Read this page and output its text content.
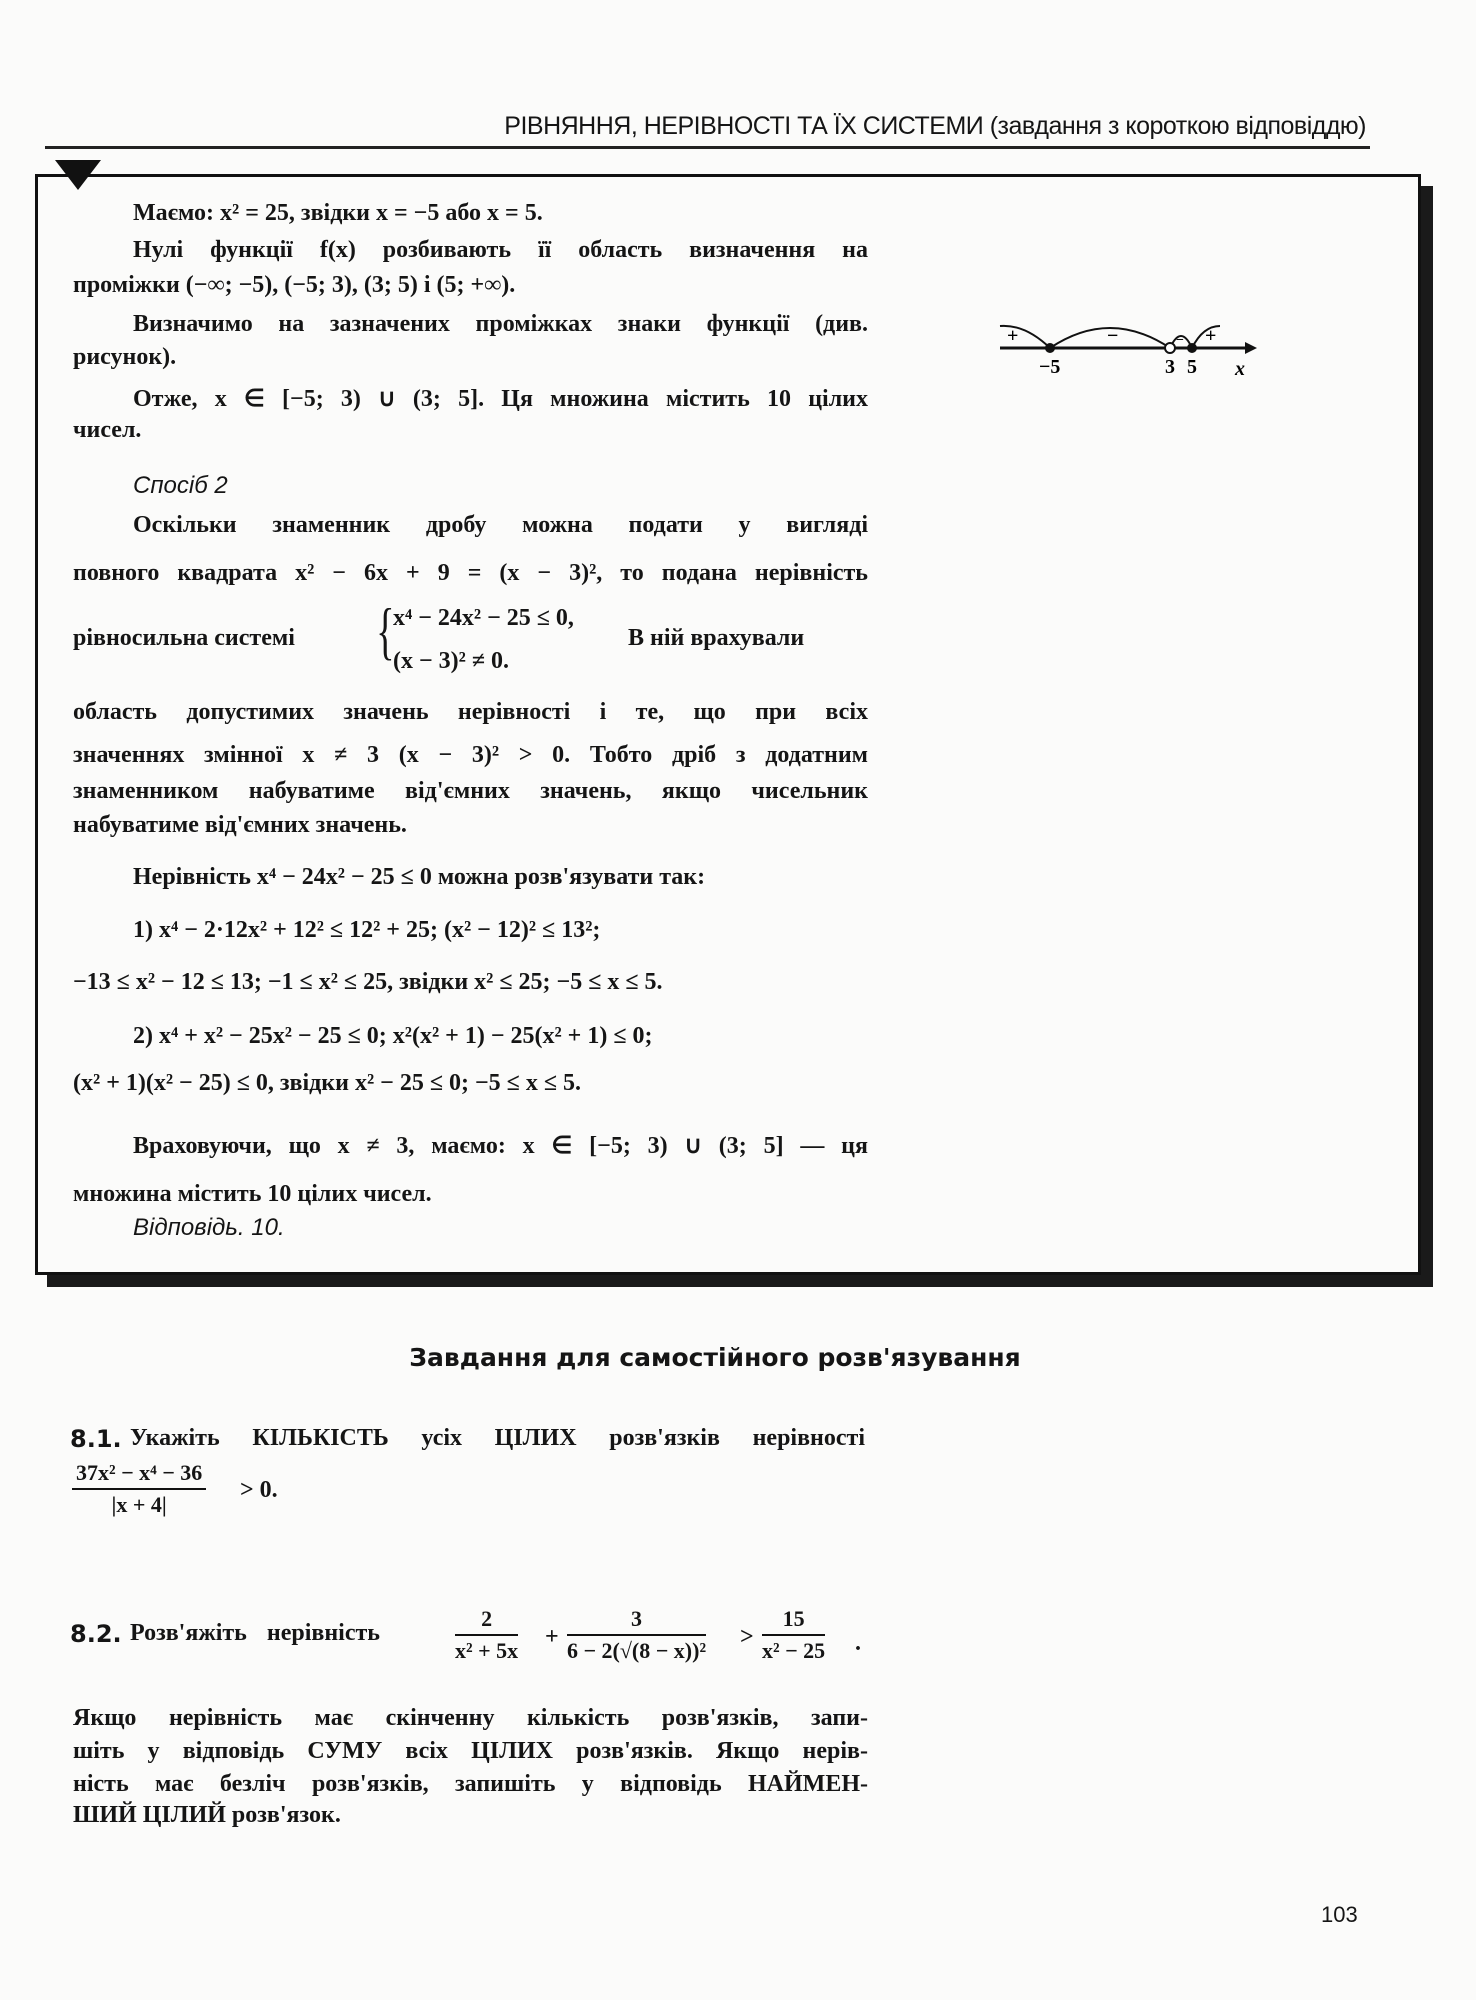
РІВНЯННЯ, НЕРІВНОСТІ ТА ЇХ СИСТЕМИ (завдання з короткою відповіддю)
Маємо: x² = 25, звідки x = −5 або x = 5.
Нулі функції f(x) розбивають її область визначення на
проміжки (−∞; −5), (−5; 3), (3; 5) і (5; +∞).
Визначимо на зазначених проміжках знаки функції (див.
рисунок).
Отже, x ∈ [−5; 3) ∪ (3; 5]. Ця множина містить 10 цілих
чисел.
+	−	− +
−5	3 5 x
Спосіб 2
Оскільки знаменник дробу можна подати у вигляді
повного квадрата x² − 6x + 9 = (x − 3)², то подана нерівність
рівносильна системі {
x⁴ − 24x² − 25 ≤ 0,
(x − 3)² ≠ 0.
В ній врахували
область допустимих значень нерівності і те, що при всіх
значеннях змінної x ≠ 3 (x − 3)² > 0. Тобто дріб з додатним
знаменником набуватиме від'ємних значень, якщо чисельник
набуватиме від'ємних значень.
Нерівність x⁴ − 24x² − 25 ≤ 0 можна розв'язувати так:
1) x⁴ − 2·12x² + 12² ≤ 12² + 25; (x² − 12)² ≤ 13²;
−13 ≤ x² − 12 ≤ 13; −1 ≤ x² ≤ 25, звідки x² ≤ 25; −5 ≤ x ≤ 5.
2) x⁴ + x² − 25x² − 25 ≤ 0; x²(x² + 1) − 25(x² + 1) ≤ 0;
(x² + 1)(x² − 25) ≤ 0, звідки x² − 25 ≤ 0; −5 ≤ x ≤ 5.
Враховуючи, що x ≠ 3, маємо: x ∈ [−5; 3) ∪ (3; 5] — ця
множина містить 10 цілих чисел.
Відповідь. 10.
Завдання для самостійного розв'язування
8.1. Укажіть КІЛЬКІСТЬ усіх ЦІЛИХ розв'язків нерівності
$\frac{\text{37x² − x⁴ − 36}}{|x + 4|} > 0$.
8.2. Розв'яжіть нерівність	$\frac{2}{\text{x² + 5x}} + \frac{3}{\text{6 − 2(√(8 − x))²}} > \frac{15}{\text{x² − 25}}$ .
Якщо нерівність має скінченну кількість розв'язків, запи-
шіть у відповідь СУМУ всіх ЦІЛИХ розв'язків. Якщо нерів-
ність має безліч розв'язків, запишіть у відповідь НАЙМЕН-
ШИЙ ЦІЛИЙ розв'язок.
103
